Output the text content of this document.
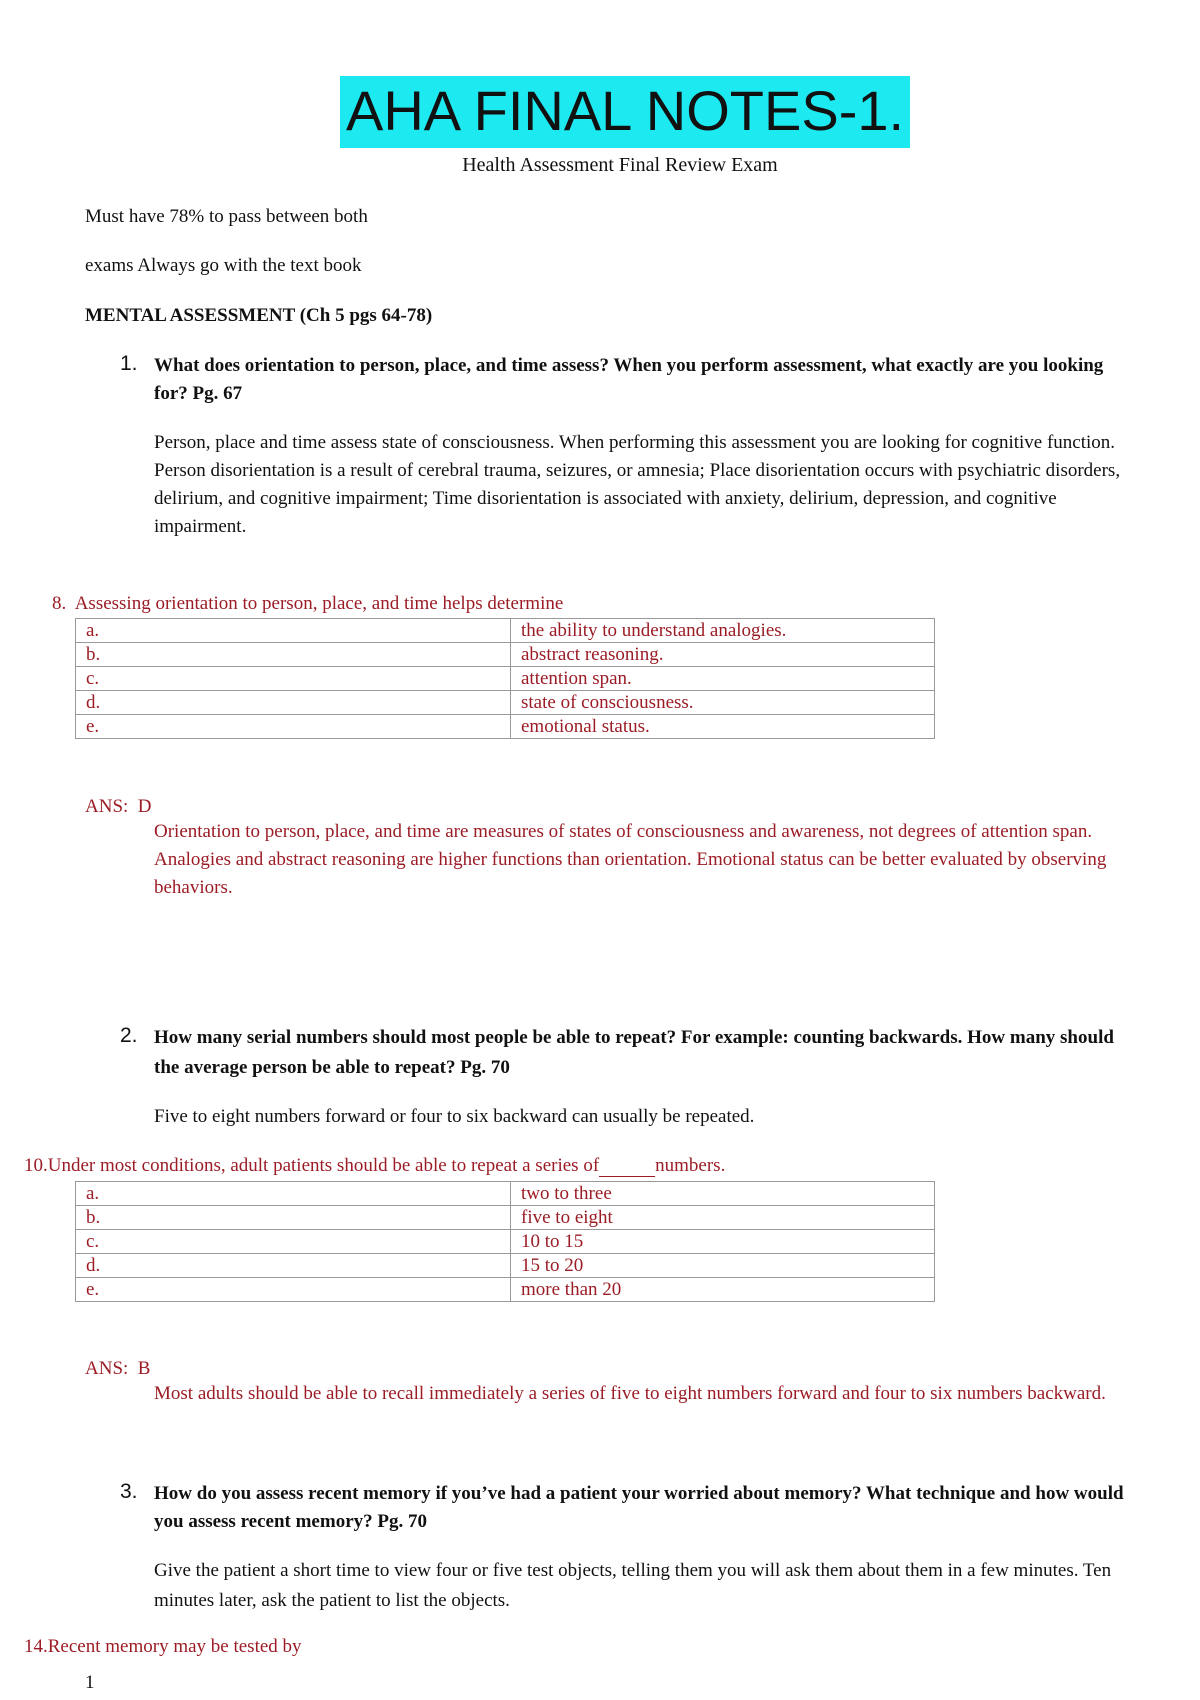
AHA FINAL NOTES-1.
Health Assessment Final Review Exam
Must have 78% to pass between both
exams Always go with the text book
MENTAL ASSESSMENT (Ch 5 pgs 64-78)
1. What does orientation to person, place, and time assess? When you perform assessment, what exactly are you looking
for? Pg. 67
Person, place and time assess state of consciousness. When performing this assessment you are looking for cognitive function.
Person disorientation is a result of cerebral trauma, seizures, or amnesia; Place disorientation occurs with psychiatric disorders,
delirium, and cognitive impairment; Time disorientation is associated with anxiety, delirium, depression, and cognitive
impairment.
8.  Assessing orientation to person, place, and time helps determine
a.	the ability to understand analogies.
b.	abstract reasoning.
c.	attention span.
d.	state of consciousness.
e.	emotional status.
ANS:  D
Orientation to person, place, and time are measures of states of consciousness and awareness, not degrees of attention span.
Analogies and abstract reasoning are higher functions than orientation. Emotional status can be better evaluated by observing
behaviors.
2. How many serial numbers should most people be able to repeat? For example: counting backwards. How many should
the average person be able to repeat? Pg. 70
Five to eight numbers forward or four to six backward can usually be repeated.
10.Under most conditions, adult patients should be able to repeat a series of	numbers.
a.	two to three
b.	five to eight
c.	10 to 15
d.	15 to 20
e.	more than 20
ANS:  B
Most adults should be able to recall immediately a series of five to eight numbers forward and four to six numbers backward.
3. How do you assess recent memory if you’ve had a patient your worried about memory? What technique and how would
you assess recent memory? Pg. 70
Give the patient a short time to view four or five test objects, telling them you will ask them about them in a few minutes. Ten
minutes later, ask the patient to list the objects.
14.Recent memory may be tested by
1
